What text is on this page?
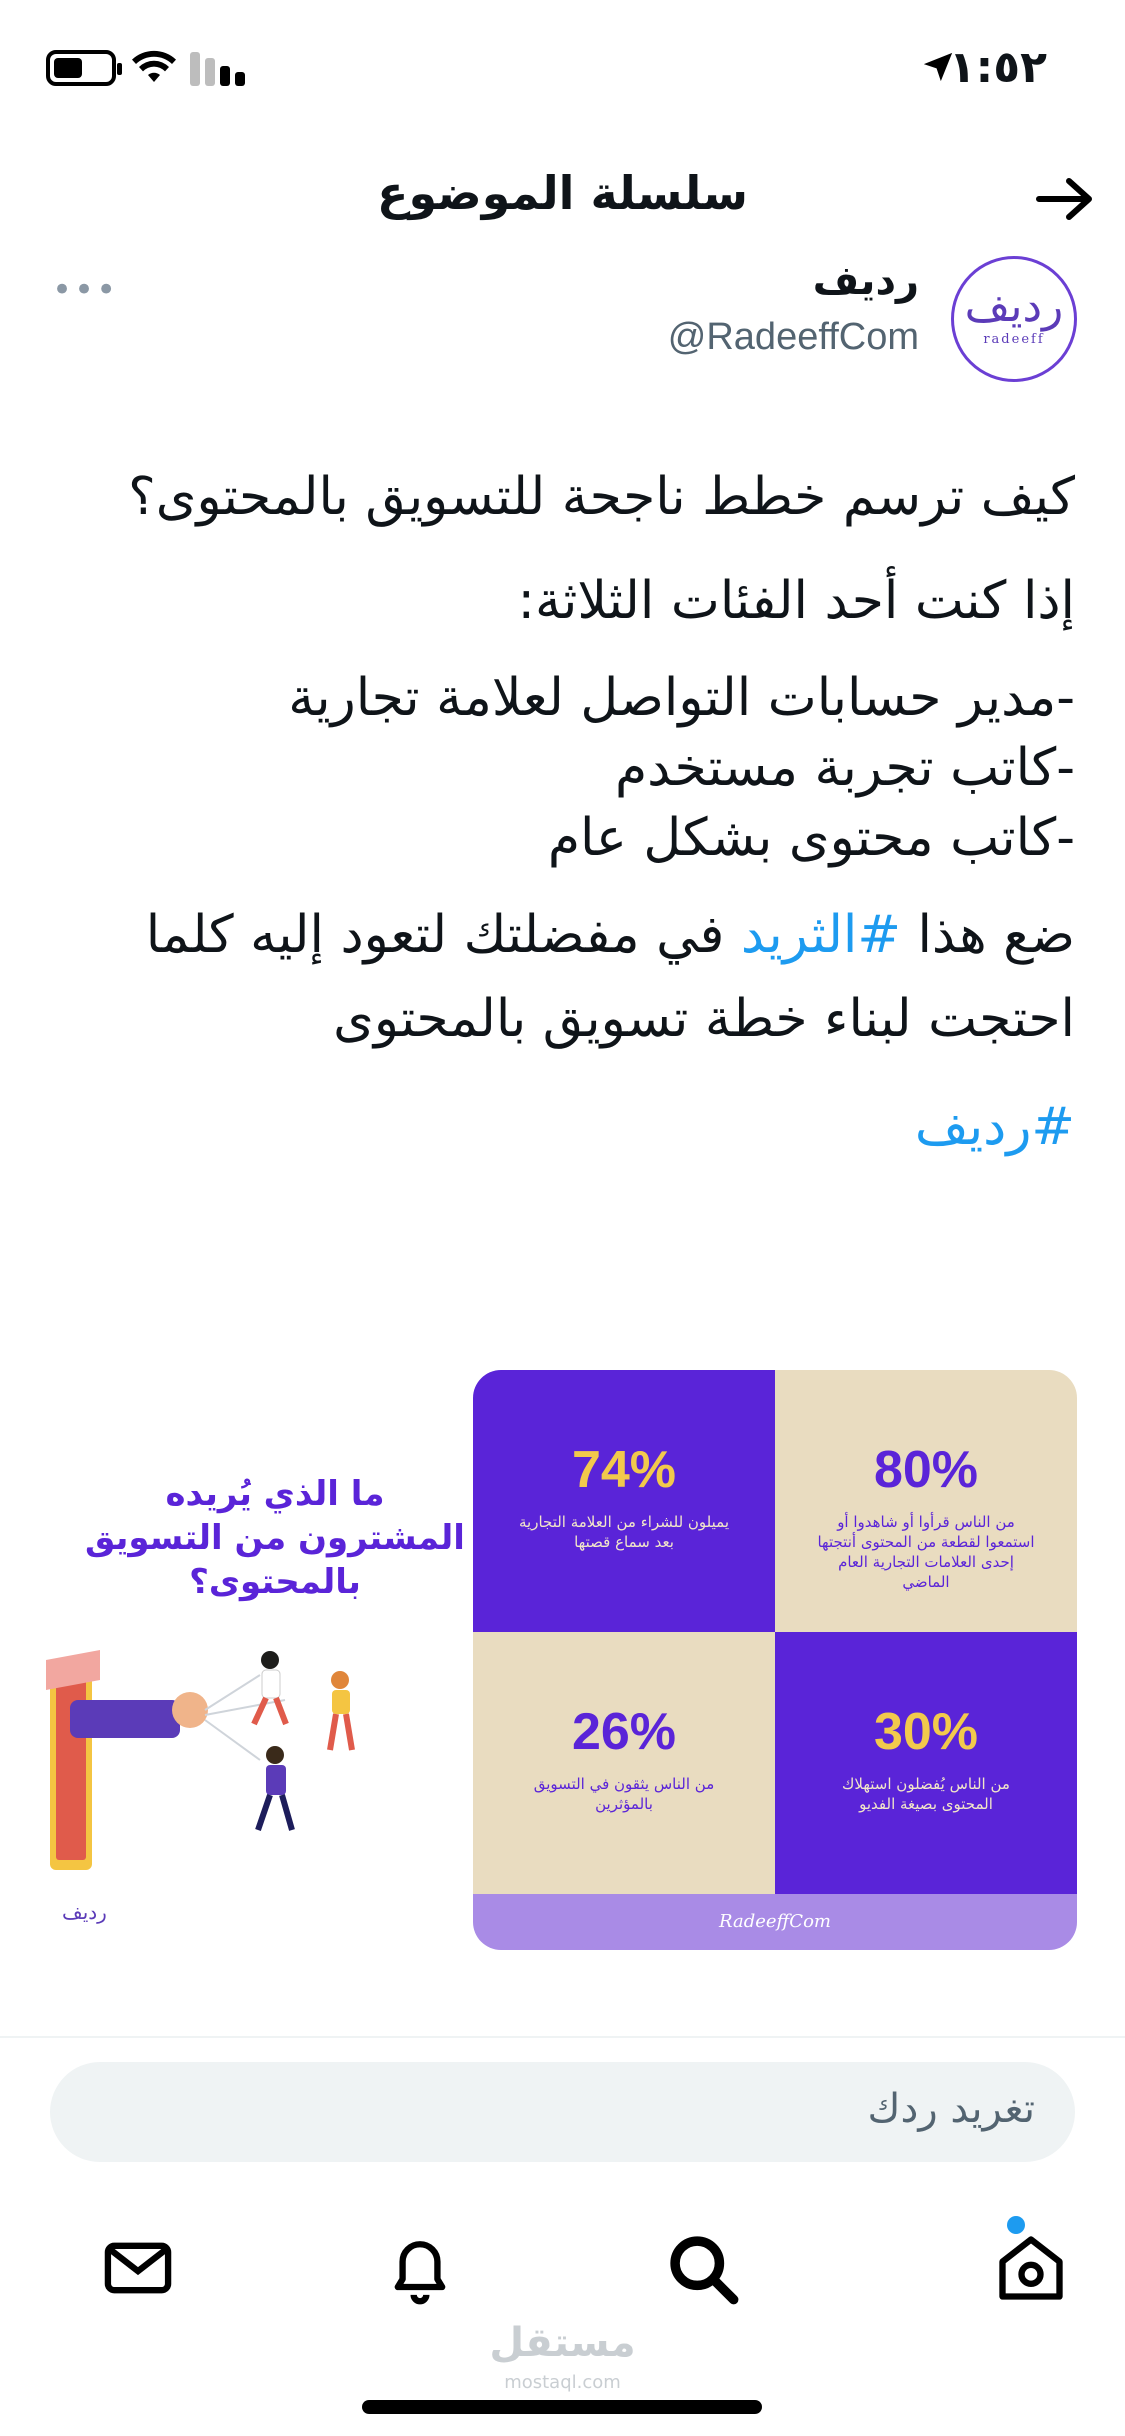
١:٥٢
سلسلة الموضوع
رديف
radeeff
رديف
@RadeeffCom
•••

كيف ترسم خطط ناجحة للتسويق بالمحتوى؟

إذا كنت أحد الفئات الثلاثة:

-مدير حسابات التواصل لعلامة تجارية
-كاتب تجربة مستخدم
-كاتب محتوى بشكل عام

ضع هذا #الثريد في مفضلتك لتعود إليه كلما احتجت لبناء خطة تسويق بالمحتوى

#رديف

ما الذي يُريده المشترون من التسويق بالمحتوى؟
رديف
74%
يميلون للشراء من العلامة التجارية بعد سماع قصتها
80%
من الناس قرأوا أو شاهدوا أو استمعوا لقطعة من المحتوى أنتجتها إحدى العلامات التجارية العام الماضي
26%
من الناس يثقون في التسويق بالمؤثرين
30%
من الناس يُفضلون استهلاك المحتوى بصيغة الفديو
RadeeffCom
تغريد ردك
مستقل
mostaql.com
